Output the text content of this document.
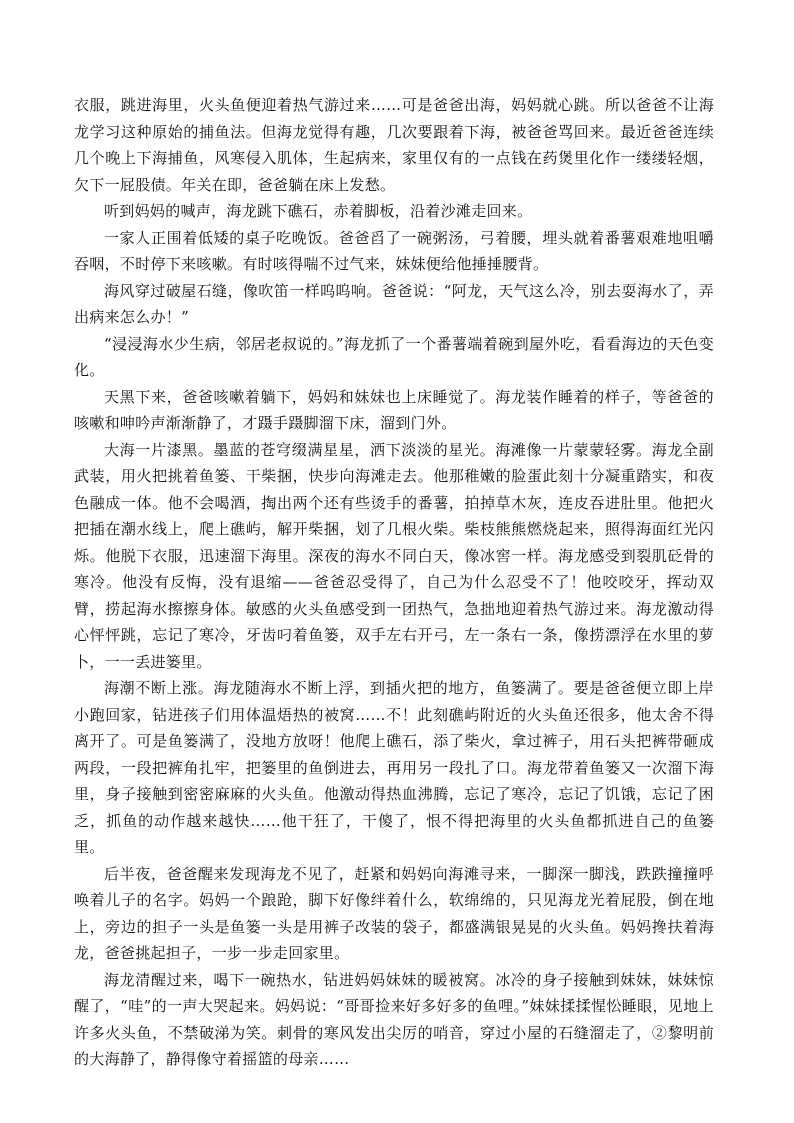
衣服，跳进海里，火头鱼便迎着热气游过来……可是爸爸出海，妈妈就心跳。所以爸爸不让海龙学习这种原始的捕鱼法。但海龙觉得有趣，几次要跟着下海，被爸爸骂回来。最近爸爸连续几个晚上下海捕鱼，风寒侵入肌体，生起病来，家里仅有的一点钱在药煲里化作一缕缕轻烟，欠下一屁股债。年关在即，爸爸躺在床上发愁。

听到妈妈的喊声，海龙跳下礁石，赤着脚板，沿着沙滩走回来。

一家人正围着低矮的桌子吃晚饭。爸爸舀了一碗粥汤，弓着腰，埋头就着番薯艰难地咀嚼吞咽，不时停下来咳嗽。有时咳得喘不过气来，妹妹便给他捶捶腰背。

海风穿过破屋石缝，像吹笛一样呜呜响。爸爸说：“阿龙，天气这么冷，别去耍海水了，弄出病来怎么办！”

“浸浸海水少生病，邻居老叔说的。”海龙抓了一个番薯端着碗到屋外吃，看看海边的天色变化。

天黑下来，爸爸咳嗽着躺下，妈妈和妹妹也上床睡觉了。海龙装作睡着的样子，等爸爸的咳嗽和呻吟声渐渐静了，才蹑手蹑脚溜下床，溜到门外。

大海一片漆黑。墨蓝的苍穹缀满星星，洒下淡淡的星光。海滩像一片蒙蒙轻雾。海龙全副武装，用火把挑着鱼篓、干柴捆，快步向海滩走去。他那稚嫩的脸蛋此刻十分凝重踏实，和夜色融成一体。他不会喝酒，掏出两个还有些烫手的番薯，拍掉草木灰，连皮吞进肚里。他把火把插在潮水线上，爬上礁屿，解开柴捆，划了几根火柴。柴枝熊熊燃烧起来，照得海面红光闪烁。他脱下衣服，迅速溜下海里。深夜的海水不同白天，像冰窖一样。海龙感受到裂肌砭骨的寒冷。他没有反悔，没有退缩——爸爸忍受得了，自己为什么忍受不了！他咬咬牙，挥动双臂，捞起海水擦擦身体。敏感的火头鱼感受到一团热气，急拙地迎着热气游过来。海龙激动得心怦怦跳，忘记了寒冷，牙齿叼着鱼篓，双手左右开弓，左一条右一条，像捞漂浮在水里的萝卜，一一丢进篓里。

海潮不断上涨。海龙随海水不断上浮，到插火把的地方，鱼篓满了。要是爸爸便立即上岸小跑回家，钻进孩子们用体温焐热的被窝……不！此刻礁屿附近的火头鱼还很多，他太舍不得离开了。可是鱼篓满了，没地方放呀！他爬上礁石，添了柴火，拿过裤子，用石头把裤带砸成两段，一段把裤角扎牢，把篓里的鱼倒进去，再用另一段扎了口。海龙带着鱼篓又一次溜下海里，身子接触到密密麻麻的火头鱼。他激动得热血沸腾，忘记了寒冷，忘记了饥饿，忘记了困乏，抓鱼的动作越来越快……他干狂了，干傻了，恨不得把海里的火头鱼都抓进自己的鱼篓里。

后半夜，爸爸醒来发现海龙不见了，赶紧和妈妈向海滩寻来，一脚深一脚浅，跌跌撞撞呼唤着儿子的名字。妈妈一个踉跄，脚下好像绊着什么，软绵绵的，只见海龙光着屁股，倒在地上，旁边的担子一头是鱼篓一头是用裤子改装的袋子，都盛满银晃晃的火头鱼。妈妈搀扶着海龙，爸爸挑起担子，一步一步走回家里。

海龙清醒过来，喝下一碗热水，钻进妈妈妹妹的暖被窝。冰冷的身子接触到妹妹，妹妹惊醒了，“哇”的一声大哭起来。妈妈说：“哥哥捡来好多好多的鱼哩。”妹妹揉揉惺忪睡眼，见地上许多火头鱼，不禁破涕为笑。刺骨的寒风发出尖厉的哨音，穿过小屋的石缝溜走了，②黎明前的大海静了，静得像守着摇篮的母亲……
